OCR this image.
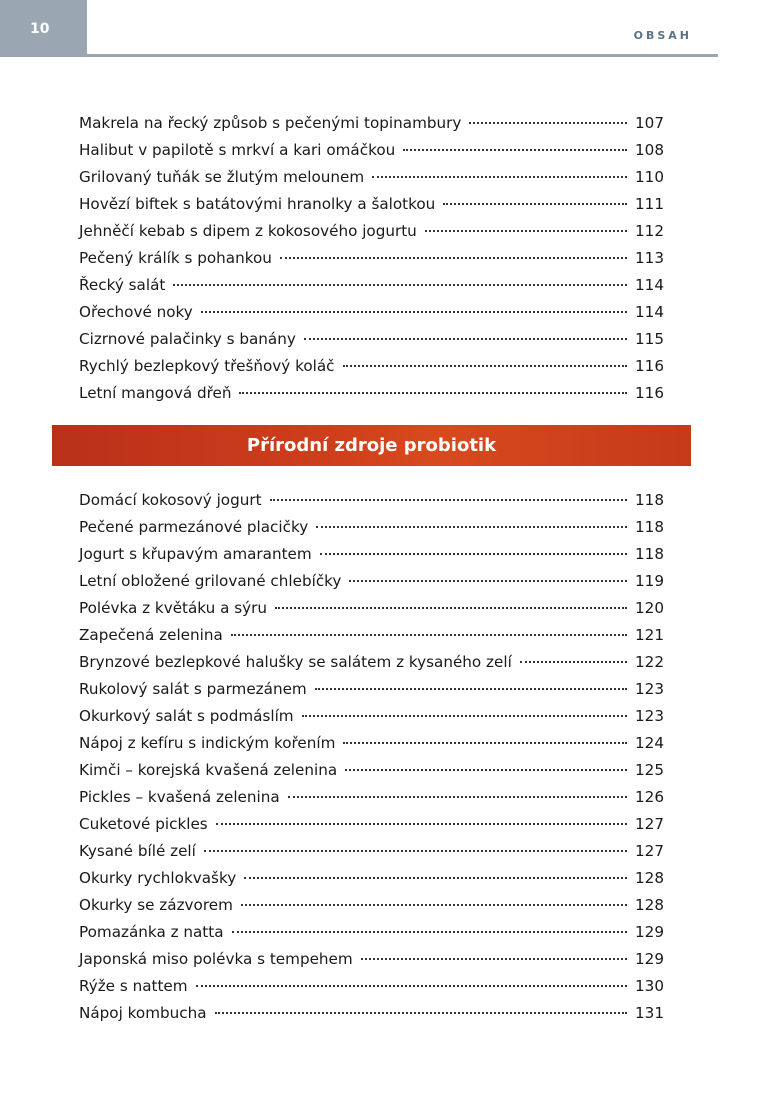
10	OBSAH
Makrela na řecký způsob s pečenými topinambury	107
Halibut v papilotě s mrkví a kari omáčkou	108
Grilovaný tuňák se žlutým melounem	110
Hovězí biftek s batátovými hranolky a šalotkou	111
Jehněčí kebab s dipem z kokosového jogurtu	112
Pečený králík s pohankou	113
Řecký salát	114
Ořechové noky	114
Cizrnové palačinky s banány	115
Rychlý bezlepkový třešňový koláč	116
Letní mangová dřeň	116
Přírodní zdroje probiotik
Domácí kokosový jogurt	118
Pečené parmezánové placičky	118
Jogurt s křupavým amarantem	118
Letní obložené grilované chlebíčky	119
Polévka z květáku a sýru	120
Zapečená zelenina	121
Brynzové bezlepkové halušky se salátem z kysaného zelí	122
Rukolový salát s parmezánem	123
Okurkový salát s podmáslím	123
Nápoj z kefíru s indickým kořením	124
Kimči – korejská kvašená zelenina	125
Pickles – kvašená zelenina	126
Cuketové pickles	127
Kysané bílé zelí	127
Okurky rychlokvašky	128
Okurky se zázvorem	128
Pomazánka z natta	129
Japonská miso polévka s tempehem	129
Rýže s nattem	130
Nápoj kombucha	131
